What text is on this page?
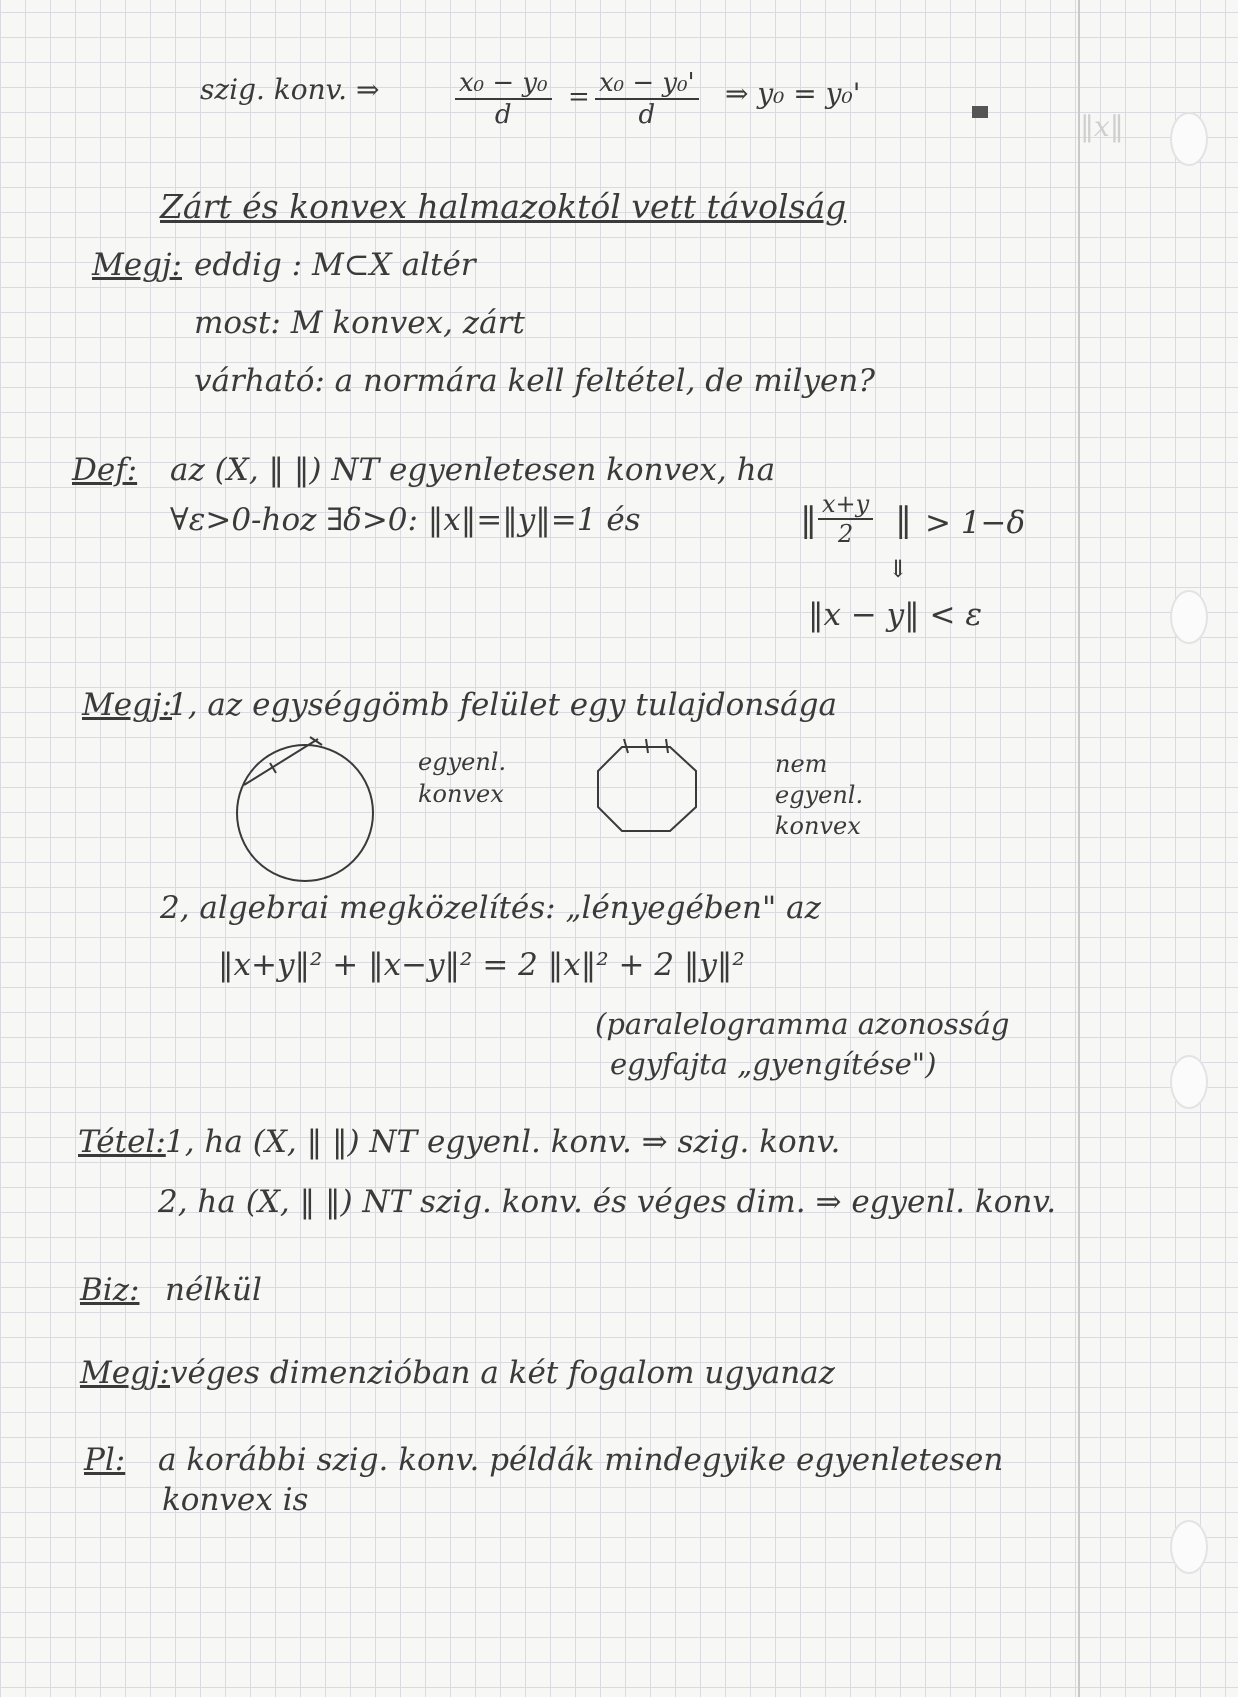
‖x‖
szig. konv. ⇒	$\frac{\text{x₀ − y₀}}{d} = \frac{\text{x₀ − y₀'}}{d}$ ⇒ y₀ = y₀'
Zárt és konvex halmazoktól vett távolság
Megj: eddig : M⊂X altér
most: M konvex, zárt
várható: a normára kell feltétel, de milyen?
Def: az (X, ‖ ‖) NT egyenletesen konvex, ha
∀ε>0-hoz ∃δ>0: ‖x‖=‖y‖=1 és	‖ $\frac{x+y}{2}$ ‖ > 1−δ
⇓
‖x − y‖ < ε
Megj:
1, az egységgömb felület egy tulajdonsága
egyenl.
konvex
nem
egyenl.
konvex
2, algebrai megközelítés: „lényegében" az
‖x+y‖² + ‖x−y‖² = 2 ‖x‖² + 2 ‖y‖²
(paralelogramma azonosság
egyfajta „gyengítése")
Tétel: 1, ha (X, ‖ ‖) NT egyenl. konv. ⇒ szig. konv.
2, ha (X, ‖ ‖) NT szig. konv. és véges dim. ⇒ egyenl. konv.
Biz: nélkül
Megj: véges dimenzióban a két fogalom ugyanaz
Pl: a korábbi szig. konv. példák mindegyike egyenletesen
konvex is
